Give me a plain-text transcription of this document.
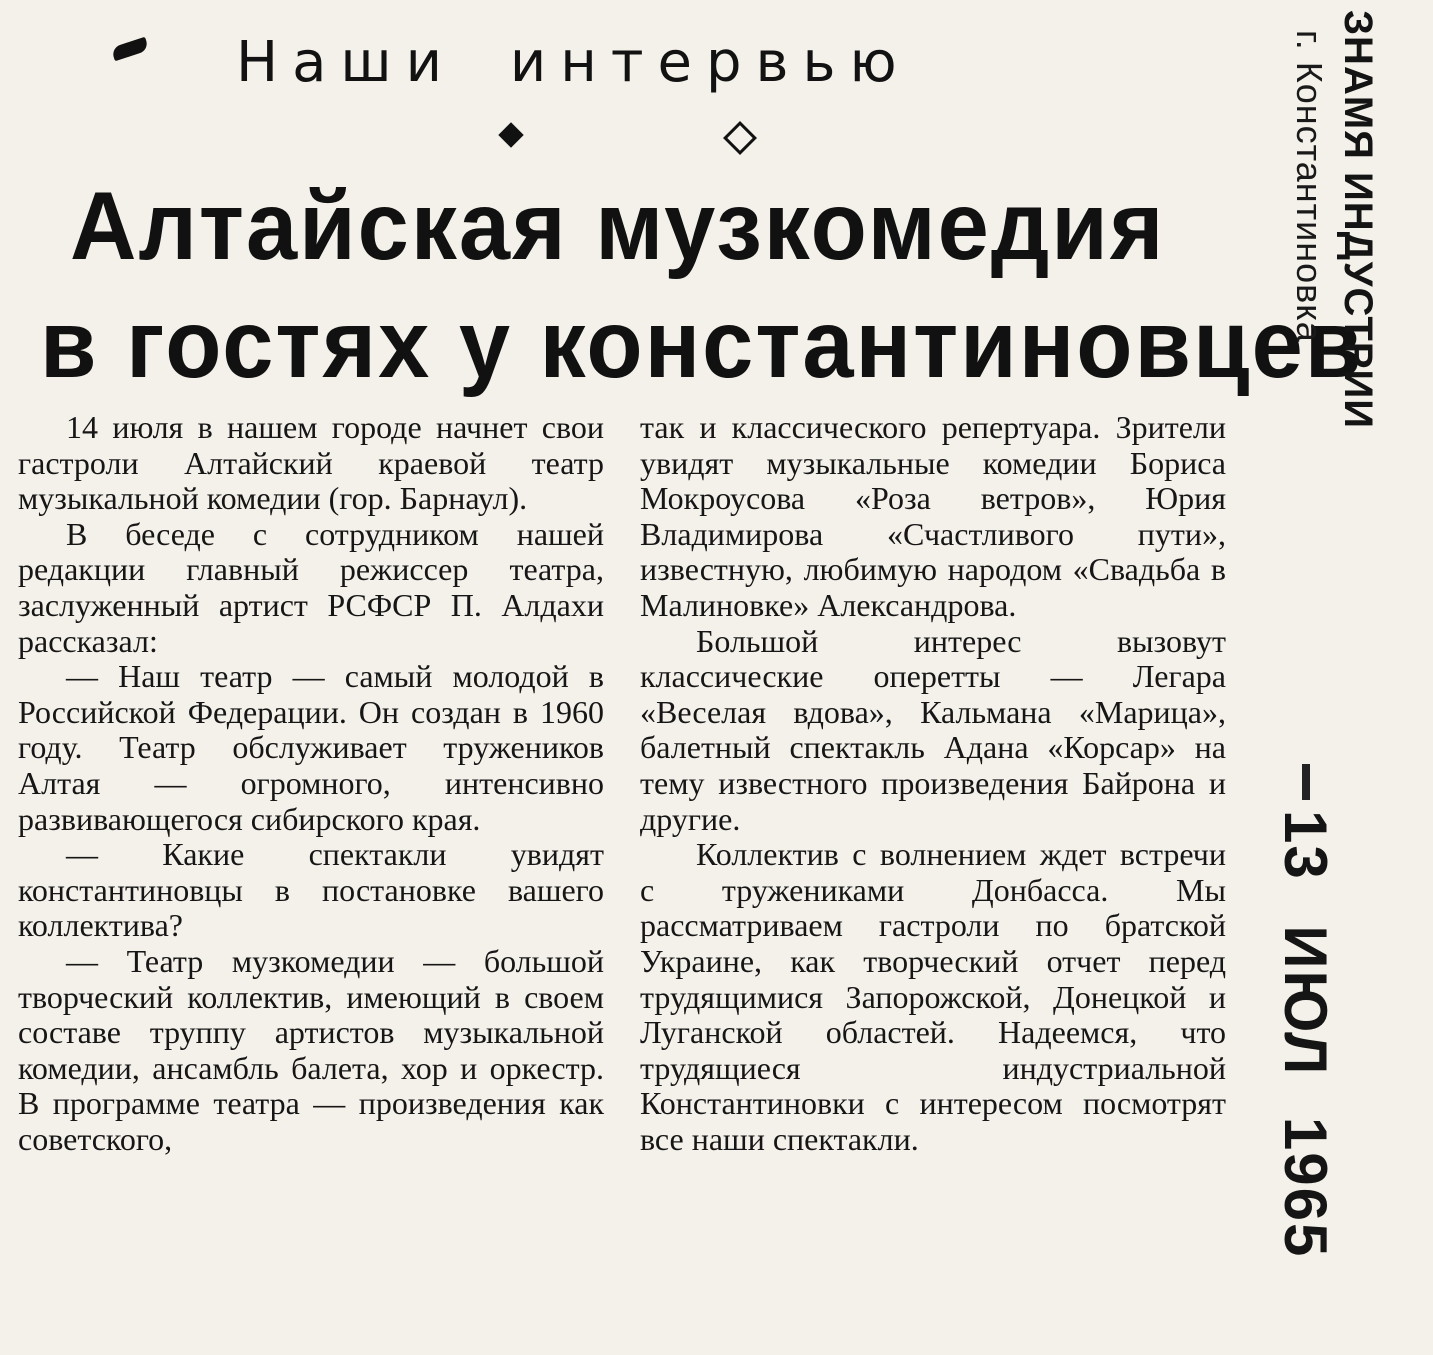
Наши интервью
Алтайская музкомедия
в гостях у константиновцев

14 июля в нашем городе начнет свои гастроли Алтайский краевой театр музыкальной комедии (гор. Барнаул).

В беседе с сотрудником нашей редакции главный режиссер театра, заслуженный артист РСФСР П. Алдахи рассказал:

— Наш театр — самый молодой в Российской Федерации. Он создан в 1960 году. Театр обслуживает тружеников Алтая — огромного, интенсивно развивающегося сибирского края.

— Какие спектакли увидят константиновцы в постановке вашего коллектива?

— Театр музкомедии — большой творческий коллектив, имеющий в своем составе труппу артистов музыкальной комедии, ансамбль балета, хор и оркестр. В программе театра — произведения как советского,

так и классического репертуара. Зрители увидят музыкальные комедии Бориса Мокроусова «Роза ветров», Юрия Владимирова «Счастливого пути», известную, любимую народом «Свадьба в Малиновке» Александрова.

Большой интерес вызовут классические оперетты — Легара «Веселая вдова», Кальмана «Марица», балетный спектакль Адана «Корсар» на тему известного произведения Байрона и другие.

Коллектив с волнением ждет встречи с тружениками Донбасса. Мы рассматриваем гастроли по братской Украине, как творческий отчет перед трудящимися Запорожской, Донецкой и Луганской областей. Надеемся, что трудящиеся индустриальной Константиновки с интересом посмотрят все наши спектакли.

ЗНАМЯ ИНДУСТРИИ
г. Константиновка
13 ИЮЛ 1965
